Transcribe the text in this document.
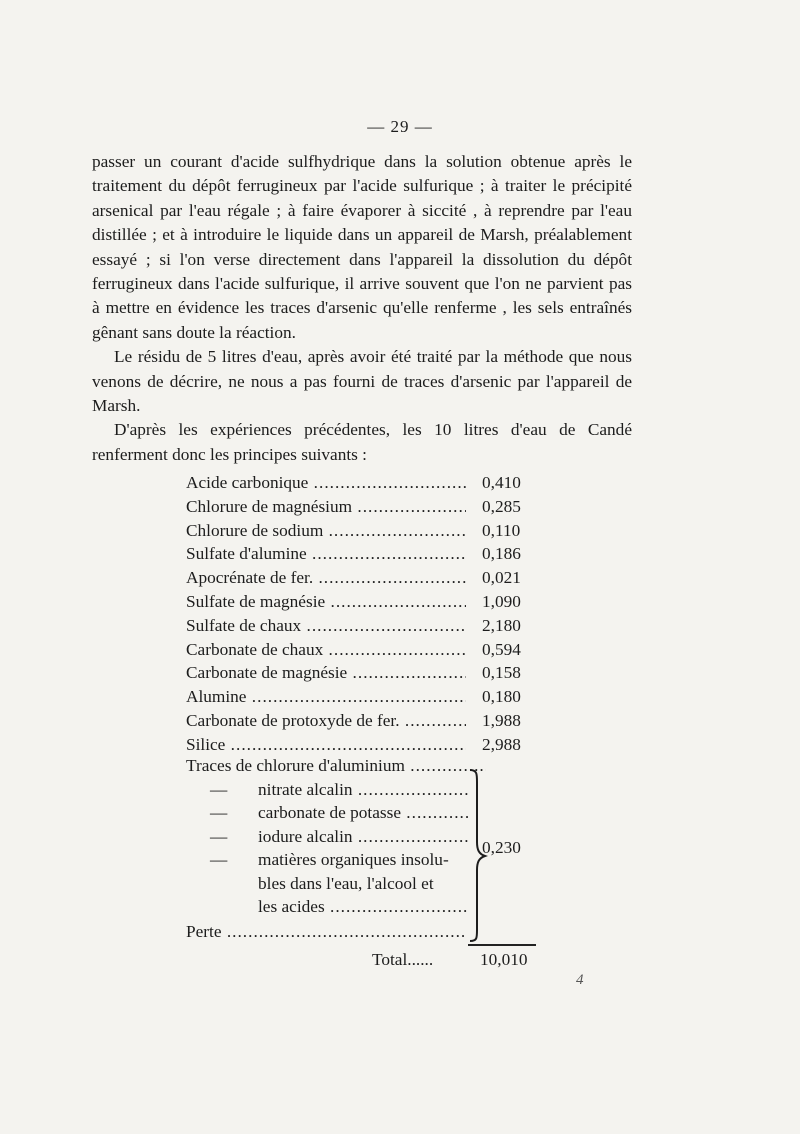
— 29 —

passer un courant d'acide sulfhydrique dans la solution obtenue après le traitement du dépôt ferrugineux par l'acide sulfurique ; à traiter le précipité arsenical par l'eau régale ; à faire évaporer à siccité , à reprendre par l'eau distillée ; et à introduire le liquide dans un appareil de Marsh, préalablement essayé ; si l'on verse directement dans l'appareil la dissolution du dépôt ferrugineux dans l'acide sulfurique, il arrive souvent que l'on ne parvient pas à mettre en évidence les traces d'arsenic qu'elle renferme , les sels entraînés gênant sans doute la réaction.

Le résidu de 5 litres d'eau, après avoir été traité par la méthode que nous venons de décrire, ne nous a pas fourni de traces d'arsenic par l'appareil de Marsh.

D'après les expériences précédentes, les 10 litres d'eau de Candé renferment donc les principes suivants :

Acide carbonique .....	0,410
Chlorure de magnésium .....	0,285
Chlorure de sodium .....	0,110
Sulfate d'alumine .....	0,186
Apocrénate de fer. .....	0,021
Sulfate de magnésie .....	1,090
Sulfate de chaux .....	2,180
Carbonate de chaux .....	0,594
Carbonate de magnésie .....	0,158
Alumine .....	0,180
Carbonate de protoxyde de fer. .....	1,988
Silice .....	2,988
Traces de chlorure d'aluminium .....
— nitrate alcalin .....
— carbonate de potasse .....
— iodure alcalin .....
— matières organiques insolu-
bles dans l'eau, l'alcool et
les acides .....
0,230
Perte .....
Total......	10,010
4
